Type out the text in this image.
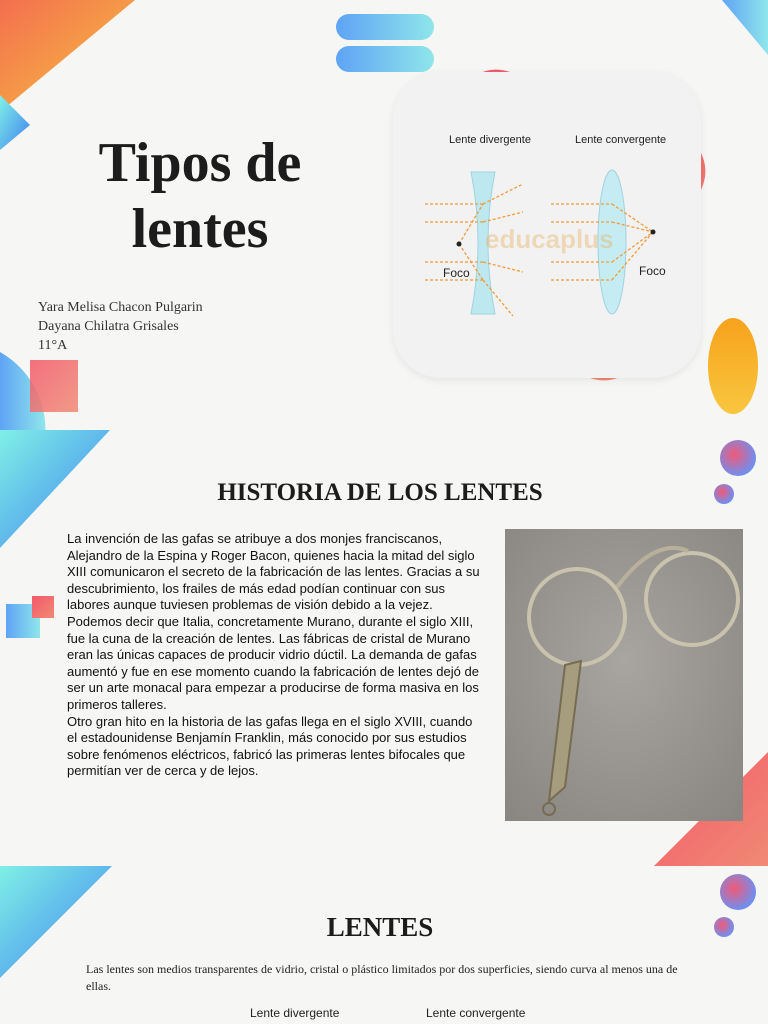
Tipos de lentes
Yara Melisa Chacon Pulgarin
Dayana Chilatra Grisales
11°A
Lente divergente	Lente convergente
Foco	Foco
educaplus
HISTORIA DE LOS LENTES

La invención de las gafas se atribuye a dos monjes franciscanos, Alejandro de la Espina y Roger Bacon, quienes hacia la mitad del siglo XIII comunicaron el secreto de la fabricación de las lentes. Gracias a su descubrimiento, los frailes de más edad podían continuar con sus labores aunque tuviesen problemas de visión debido a la vejez.

Podemos decir que Italia, concretamente Murano, durante el siglo XIII, fue la cuna de la creación de lentes. Las fábricas de cristal de Murano eran las únicas capaces de producir vidrio dúctil. La demanda de gafas aumentó y fue en ese momento cuando la fabricación de lentes dejó de ser un arte monacal para empezar a producirse de forma masiva en los primeros talleres.

Otro gran hito en la historia de las gafas llega en el siglo XVIII, cuando el estadounidense Benjamín Franklin, más conocido por sus estudios sobre fenómenos eléctricos, fabricó las primeras lentes bifocales que permitían ver de cerca y de lejos.

LENTES
Las lentes son medios transparentes de vidrio, cristal o plástico limitados por dos superficies, siendo curva al menos una de ellas.
Lente divergente	Lente convergente
